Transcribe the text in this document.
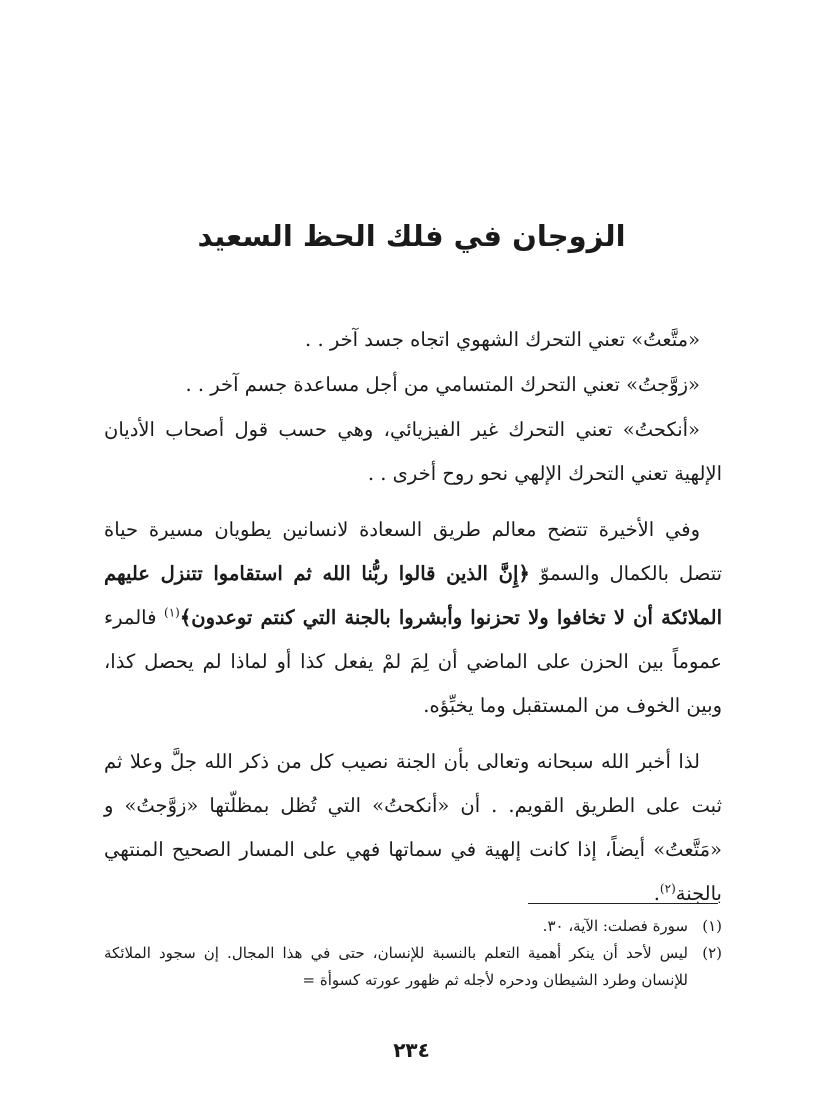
الزوجان في فلك الحظ السعيد

«متَّعتُ» تعني التحرك الشهوي اتجاه جسد آخر . .

«زوَّجتُ» تعني التحرك المتسامي من أجل مساعدة جسم آخر . .

«أنكحتُ» تعني التحرك غير الفيزيائي، وهي حسب قول أصحاب الأديان الإلهية تعني التحرك الإلهي نحو روح أخرى . .

وفي الأخيرة تتضح معالم طريق السعادة لانسانين يطويان مسيرة حياة تتصل بالكمال والسموّ ﴿إِنَّ الذين قالوا ربُّنا الله ثم استقاموا تتنزل عليهم الملائكة أن لا تخافوا ولا تحزنوا وأبشروا بالجنة التي كنتم توعدون﴾$^{(١)}$ فالمرء عموماً بين الحزن على الماضي أن لِمَ لمْ يفعل كذا أو لماذا لم يحصل كذا، وبين الخوف من المستقبل وما يخبِّؤه.

لذا أخبر الله سبحانه وتعالى بأن الجنة نصيب كل من ذكر الله جلَّ وعلا ثم ثبت على الطريق القويم. . أن «أنكحتُ» التي تُظل بمظلّتها «زوَّجتُ» و «مَتَّعتُ» أيضاً، إذا كانت إلهية في سماتها فهي على المسار الصحيح المنتهي بالجنة$^{(٢)}$.

(١)
سورة فصلت: الآية، ٣٠.
(٢)
ليس لأحد أن ينكر أهمية التعلم بالنسبة للإنسان، حتى في هذا المجال. إن سجود الملائكة للإنسان وطرد الشيطان ودحره لأجله ثم ظهور عورته كسوأة =
٢٣٤
